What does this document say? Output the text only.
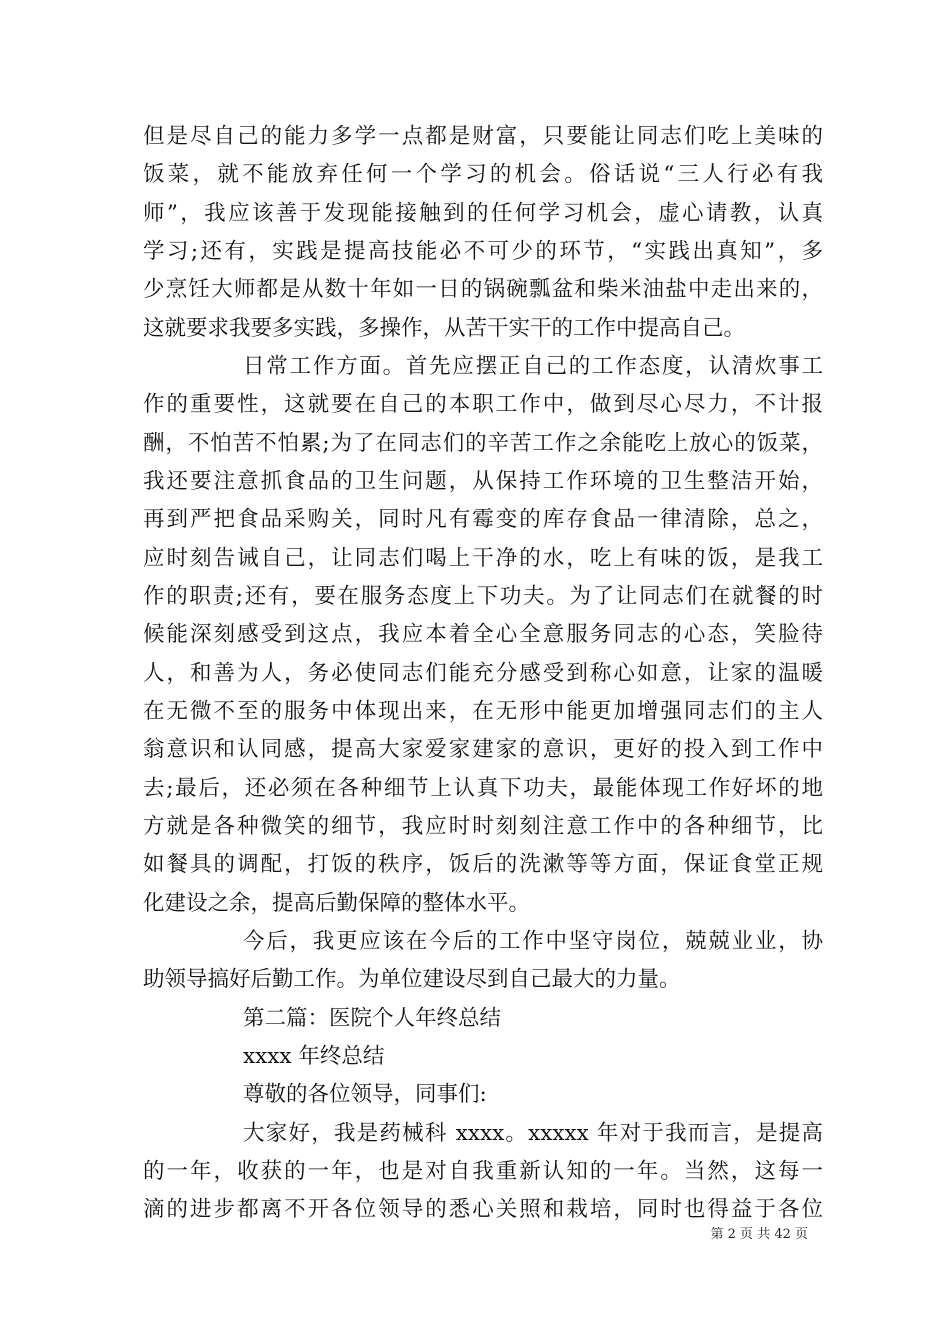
但是尽自己的能力多学一点都是财富，只要能让同志们吃上美味的
饭菜，就不能放弃任何一个学习的机会。俗话说“三人行必有我
师”，我应该善于发现能接触到的任何学习机会，虚心请教，认真
学习;还有，实践是提高技能必不可少的环节，“实践出真知”，多
少烹饪大师都是从数十年如一日的锅碗瓢盆和柴米油盐中走出来的，
这就要求我要多实践，多操作，从苦干实干的工作中提高自己。
日常工作方面。首先应摆正自己的工作态度，认清炊事工
作的重要性，这就要在自己的本职工作中，做到尽心尽力，不计报
酬，不怕苦不怕累;为了在同志们的辛苦工作之余能吃上放心的饭菜，
我还要注意抓食品的卫生问题，从保持工作环境的卫生整洁开始，
再到严把食品采购关，同时凡有霉变的库存食品一律清除，总之，
应时刻告诫自己，让同志们喝上干净的水，吃上有味的饭，是我工
作的职责;还有，要在服务态度上下功夫。为了让同志们在就餐的时
候能深刻感受到这点，我应本着全心全意服务同志的心态，笑脸待
人，和善为人，务必使同志们能充分感受到称心如意，让家的温暖
在无微不至的服务中体现出来，在无形中能更加增强同志们的主人
翁意识和认同感，提高大家爱家建家的意识，更好的投入到工作中
去;最后，还必须在各种细节上认真下功夫，最能体现工作好坏的地
方就是各种微笑的细节，我应时时刻刻注意工作中的各种细节，比
如餐具的调配，打饭的秩序，饭后的洗漱等等方面，保证食堂正规
化建设之余，提高后勤保障的整体水平。
今后，我更应该在今后的工作中坚守岗位，兢兢业业，协
助领导搞好后勤工作。为单位建设尽到自己最大的力量。
第二篇：医院个人年终总结
xxxx 年终总结
尊敬的各位领导，同事们:
大家好，我是药械科 xxxx。xxxxx 年对于我而言，是提高
的一年，收获的一年，也是对自我重新认知的一年。当然，这每一
滴的进步都离不开各位领导的悉心关照和栽培，同时也得益于各位
第 2 页 共 42 页
